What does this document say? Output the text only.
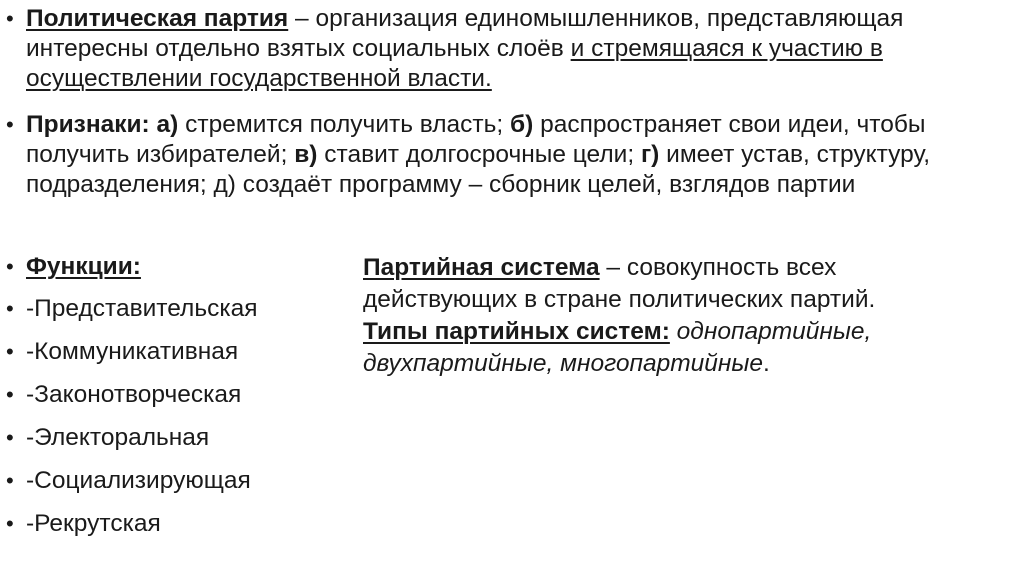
• Политическая партия – организация единомышленников, представляющая интересны отдельно взятых социальных слоёв и стремящаяся к участию в осуществлении государственной власти.
• Признаки: а) стремится получить власть; б) распространяет свои идеи, чтобы получить избирателей; в) ставит долгосрочные цели; г) имеет устав, структуру, подразделения; д) создаёт программу – сборник целей, взглядов партии
• Функции:
• -Представительская
• -Коммуникативная
• -Законотворческая
• -Электоральная
• -Социализирующая
• -Рекрутская
Партийная система – совокупность всех действующих в стране политических партий.
Типы партийных систем: однопартийные, двухпартийные, многопартийные.
